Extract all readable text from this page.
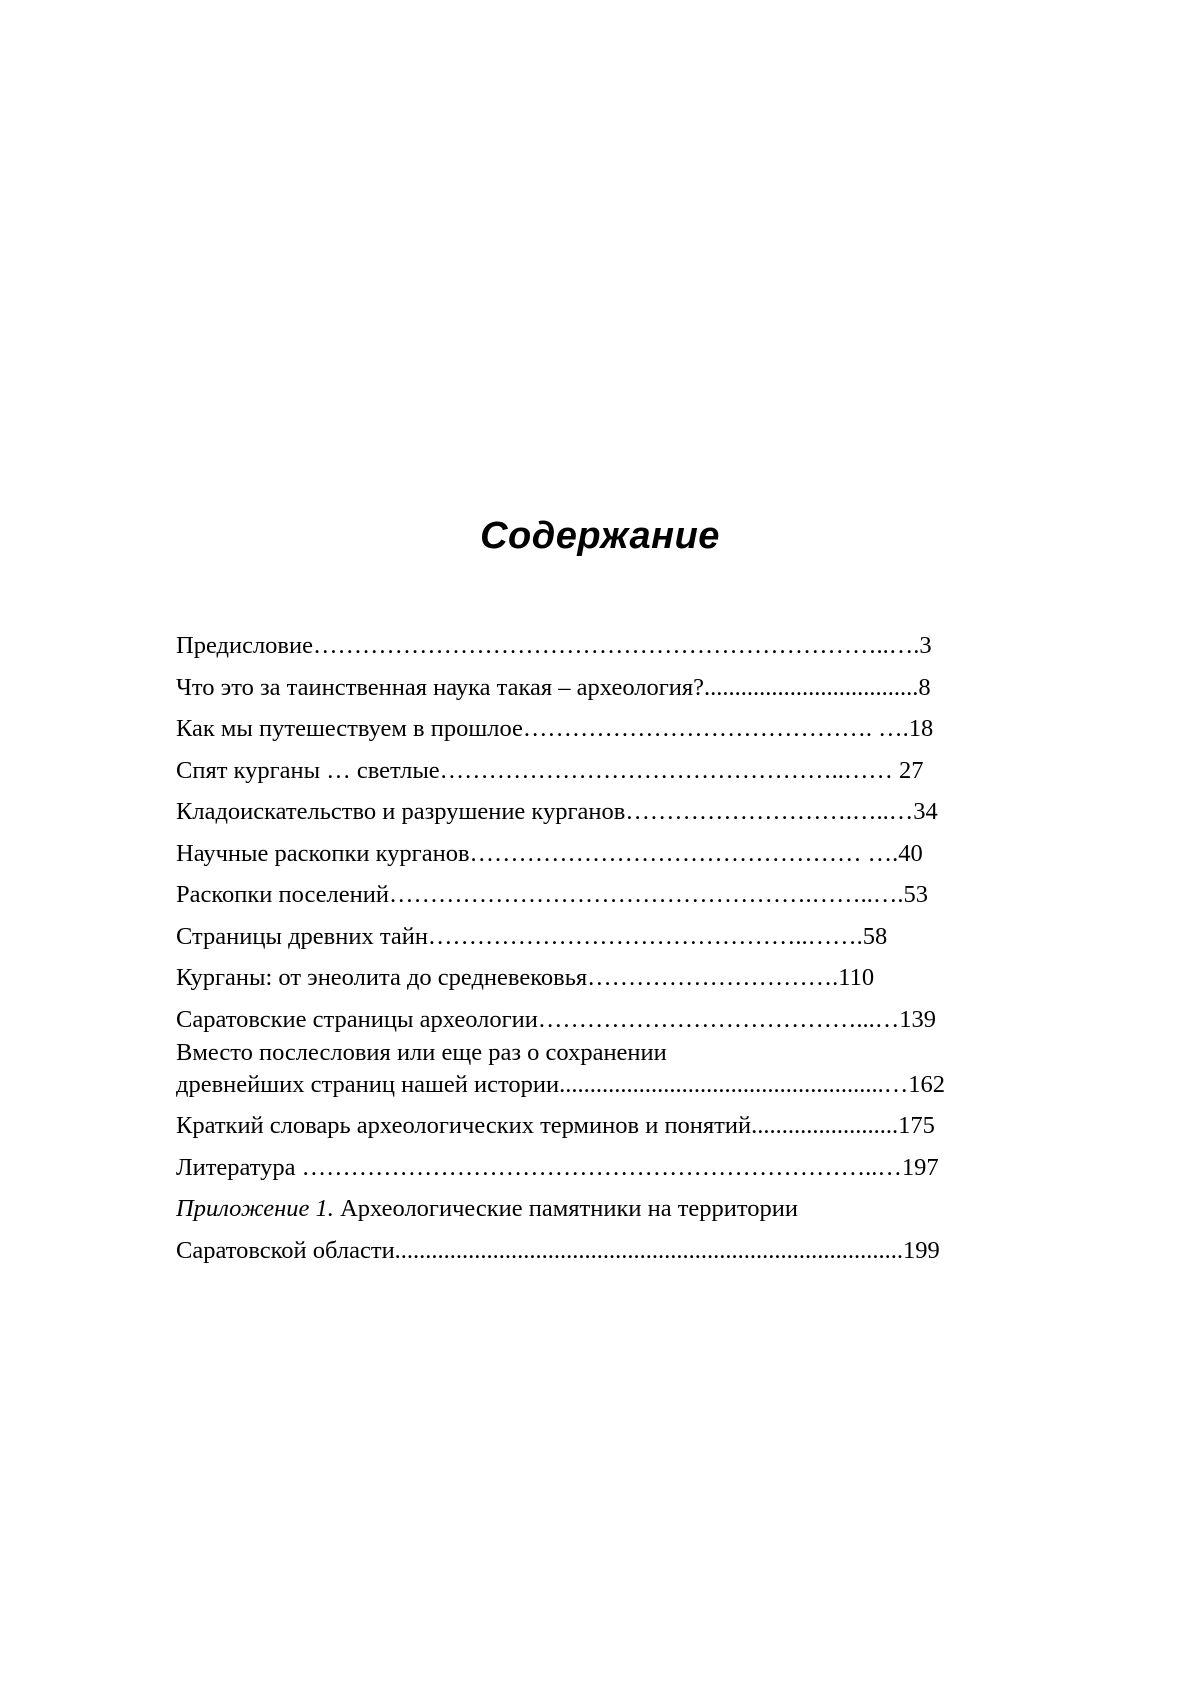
Содержание
Предисловие……………………………………………………………..….3
Что это за таинственная наука такая – археология?...................................8
Как мы путешествуем в прошлое……………………………………. ….18
Спят курганы … светлые…………………………………………..…… 27
Кладоискательство и разрушение курганов……………………….…..…34
Научные раскопки курганов………………………………………… ….40
Раскопки поселений…………………………………………….……..….53
Страницы древних тайн………………………………………..…….58
Курганы: от энеолита до средневековья………………………….110
Саратовские страницы археологии…………………………………...…139
Вместо послесловия или еще раз о сохранении
древнейших страниц нашей истории.....................................................…162
Краткий словарь археологических терминов и понятий........................175
Литература ……………………………………………………………..…197
Приложение 1. Археологические памятники на территории
Саратовской области...................................................................................199
